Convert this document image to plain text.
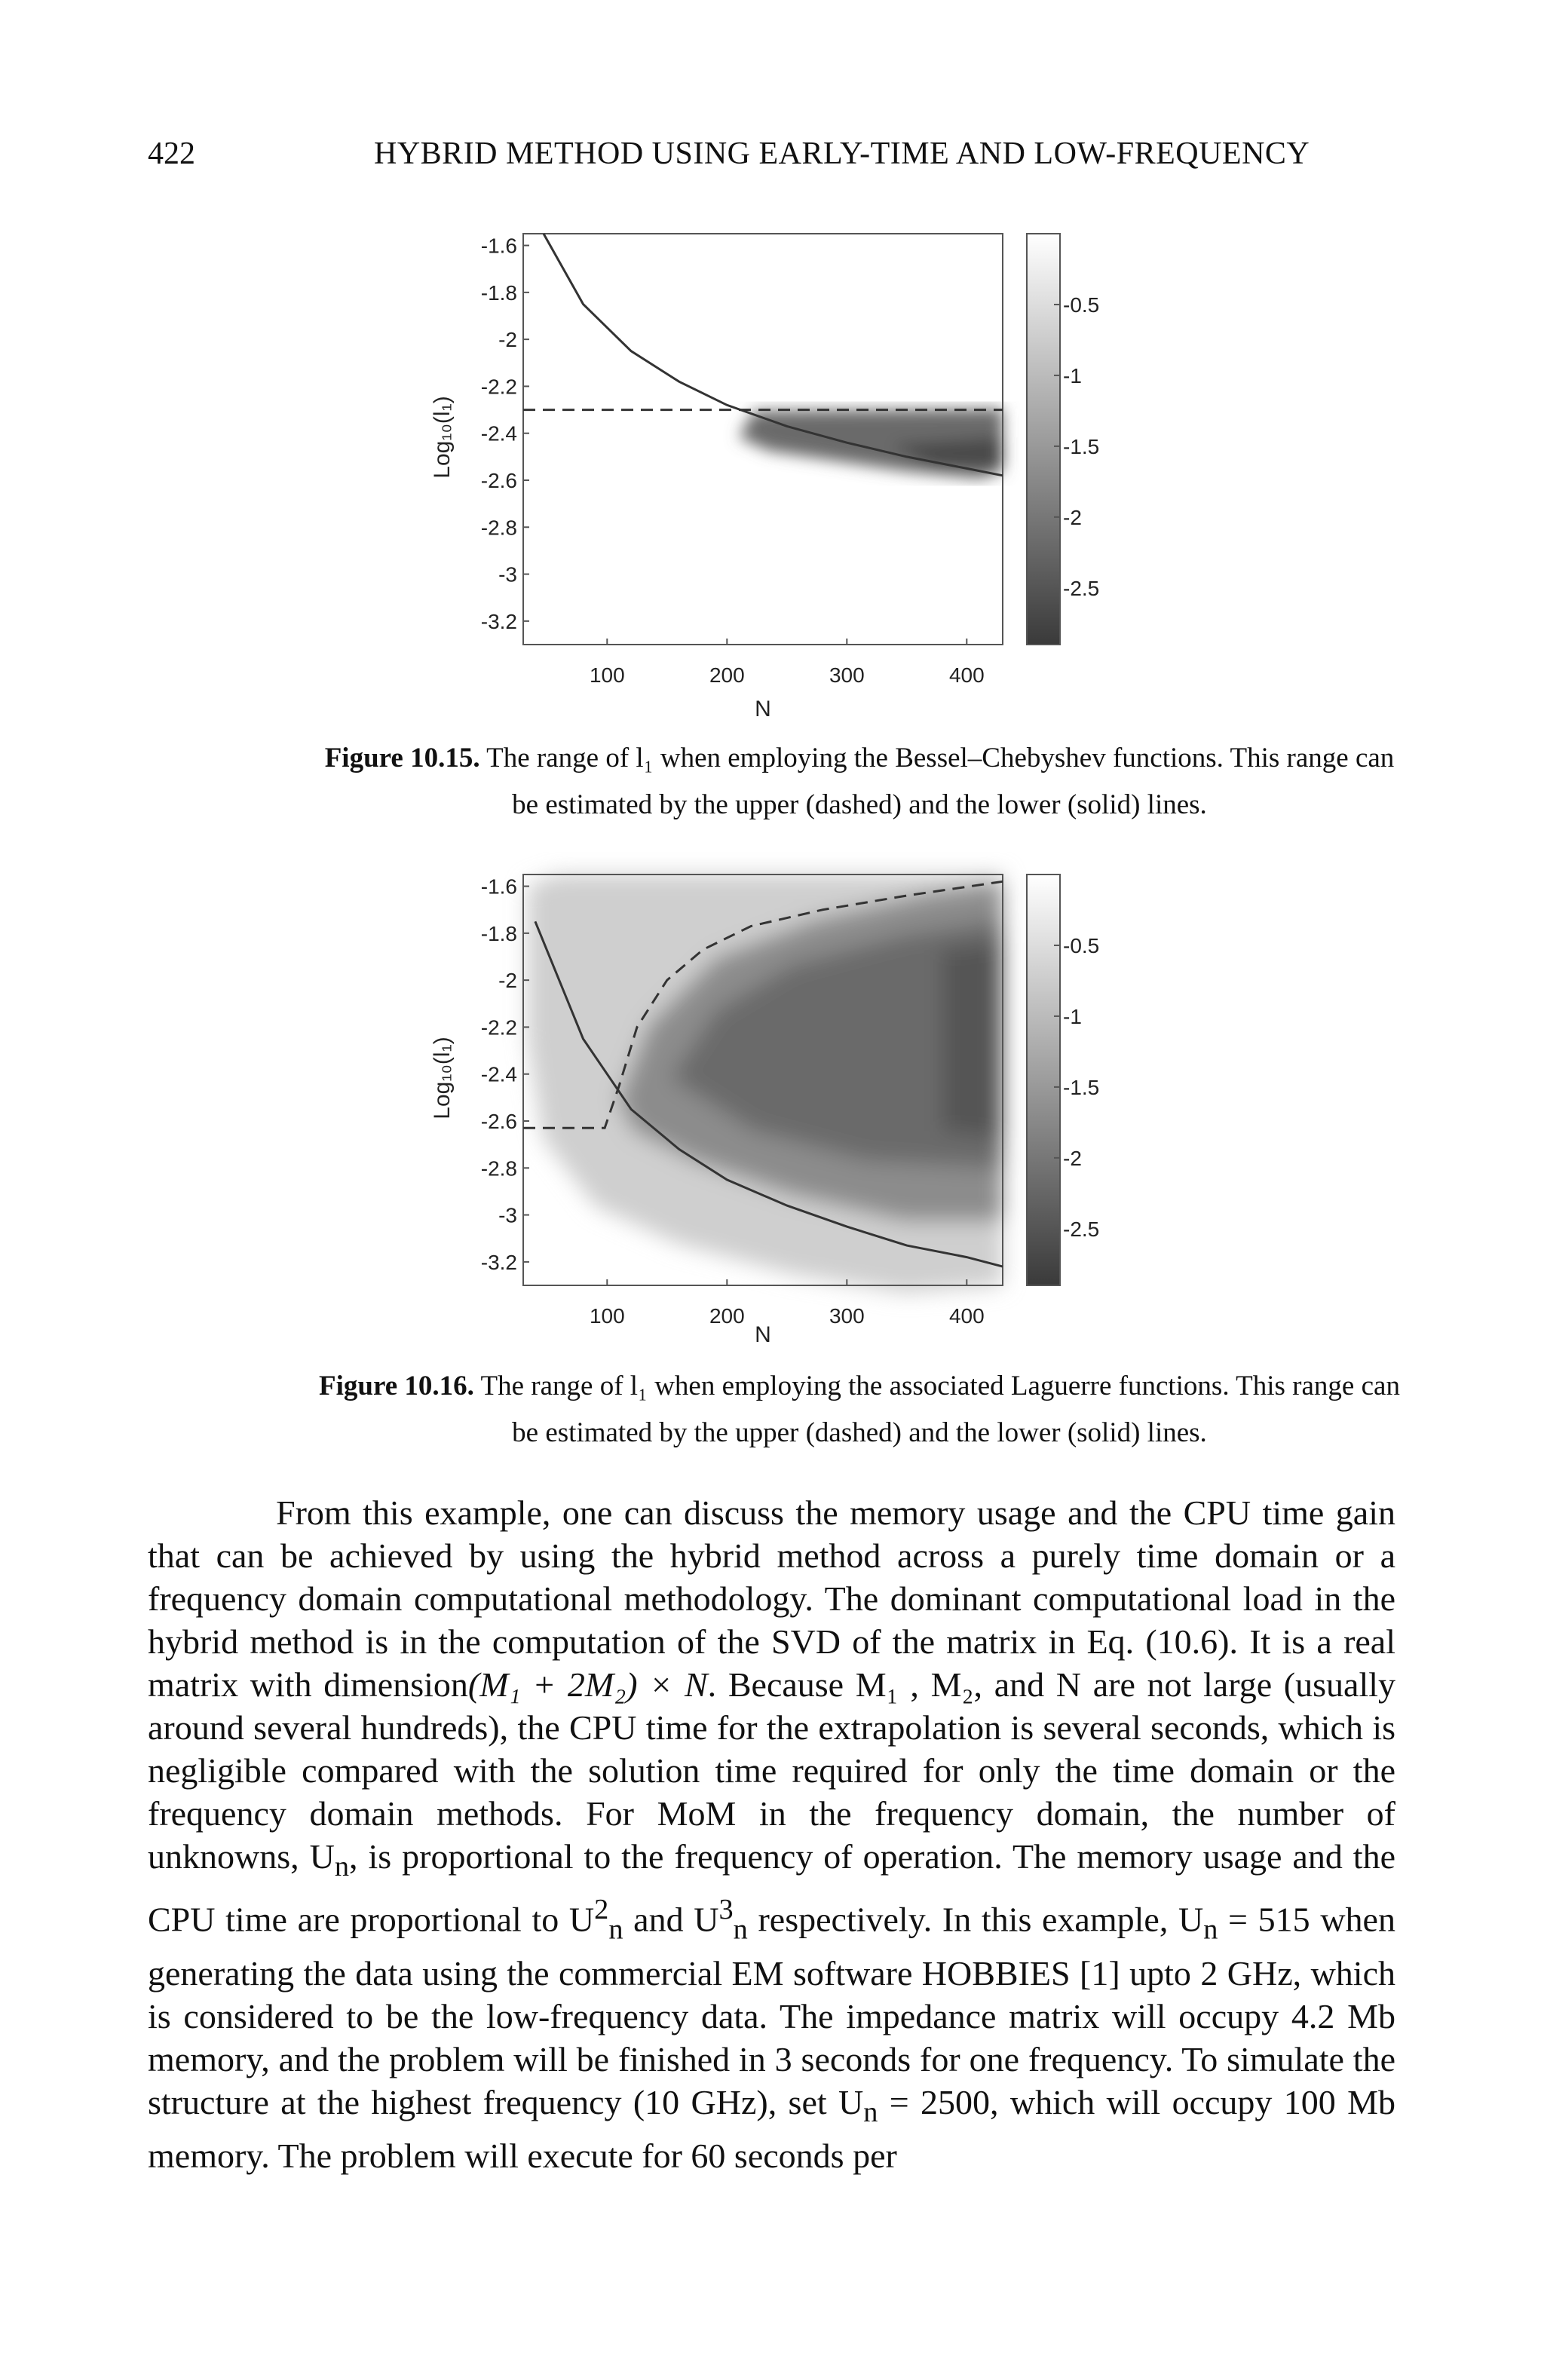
422	HYBRID METHOD USING EARLY-TIME AND LOW-FREQUENCY
100	200	300	400
-1.6
-1.8
-2
-2.2
-2.4
-2.6
-2.8
-3
-3.2
-0.5
-1
-1.5
-2
-2.5
N
Log₁₀(l₁)
Figure 10.15. The range of l₁ when employing the Bessel–Chebyshev functions. This range can be estimated by the upper (dashed) and the lower (solid) lines.
100	200	300	400
-1.6
-1.8
-2
-2.2
-2.4
-2.6
-2.8
-3
-3.2
-0.5
-1
-1.5
-2
-2.5
N
Log₁₀(l₁)
Figure 10.16. The range of l₁ when employing the associated Laguerre functions. This range can be estimated by the upper (dashed) and the lower (solid) lines.

From this example, one can discuss the memory usage and the CPU time gain that can be achieved by using the hybrid method across a purely time domain or a frequency domain computational methodology. The dominant computational load in the hybrid method is in the computation of the SVD of the matrix in Eq. (10.6). It is a real matrix with dimension(M₁ + 2M₂) × N. Because M₁ , M₂, and N are not large (usually around several hundreds), the CPU time for the extrapolation is several seconds, which is negligible compared with the solution time required for only the time domain or the frequency domain methods. For MoM in the frequency domain, the number of unknowns, $U_n$, is proportional to the frequency of operation. The memory usage and the CPU time are proportional to $U^2_n$ and $U^3_n$ respectively. In this example, $U_n = 515$ when generating the data using the commercial EM software HOBBIES [1] upto 2 GHz, which is considered to be the low-frequency data. The impedance matrix will occupy 4.2 Mb memory, and the problem will be finished in 3 seconds for one frequency. To simulate the structure at the highest frequency (10 GHz), set $U_n = 2500$, which will occupy 100 Mb memory. The problem will execute for 60 seconds per
